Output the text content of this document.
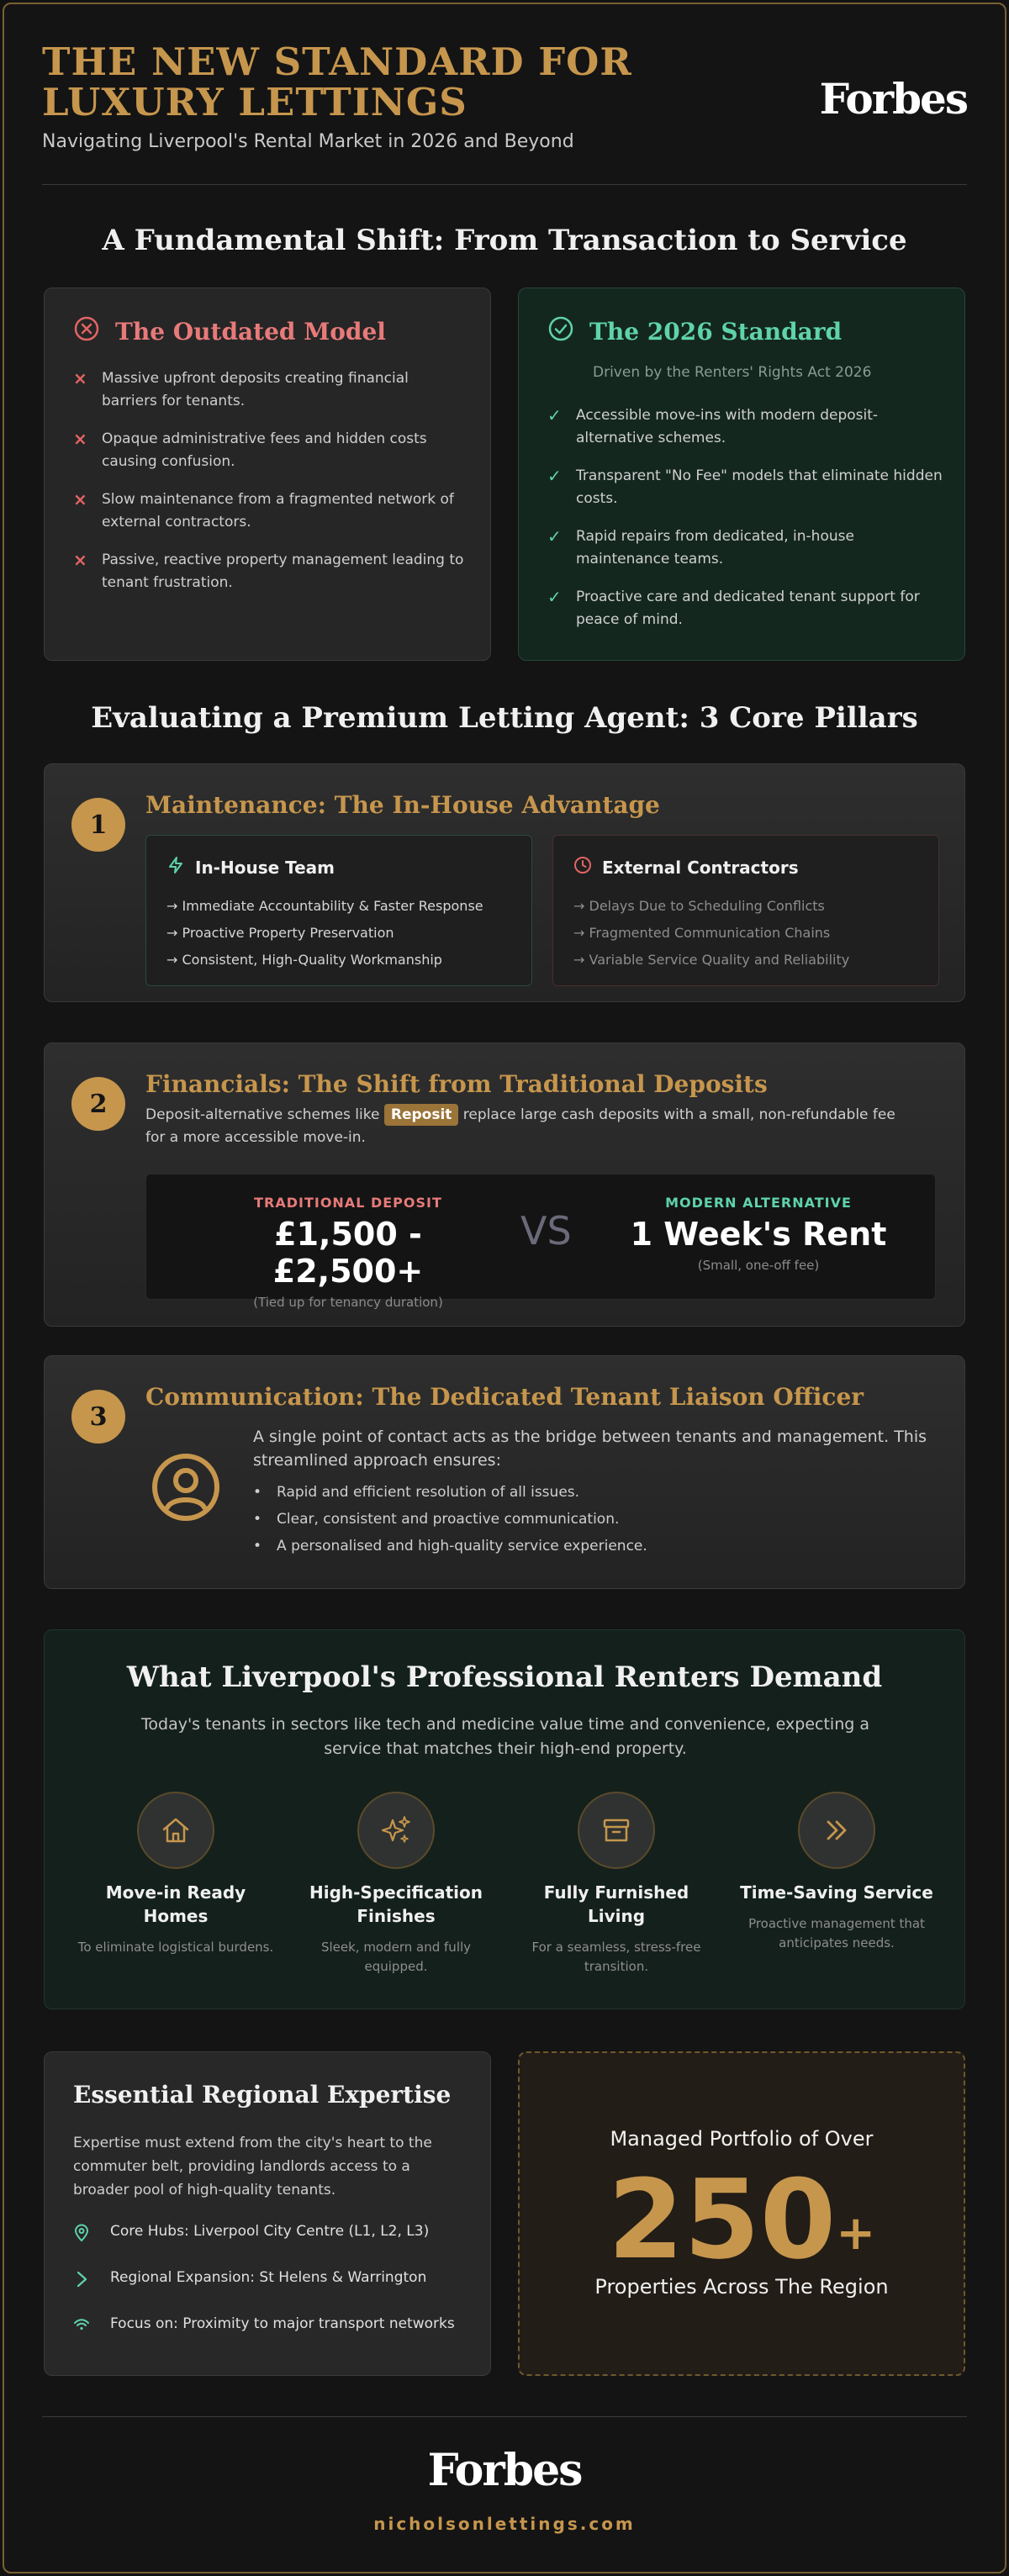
THE NEW STANDARD FOR
LUXURY LETTINGS
Navigating Liverpool's Rental Market in 2026 and Beyond
Forbes
A Fundamental Shift: From Transaction to Service
The Outdated Model
× Massive upfront deposits creating financial barriers for tenants.
× Opaque administrative fees and hidden costs causing confusion.
× Slow maintenance from a fragmented network of external contractors.
× Passive, reactive property management leading to tenant frustration.
The 2026 Standard
Driven by the Renters' Rights Act 2026
✓ Accessible move-ins with modern deposit-alternative schemes.
✓ Transparent "No Fee" models that eliminate hidden costs.
✓ Rapid repairs from dedicated, in-house maintenance teams.
✓ Proactive care and dedicated tenant support for peace of mind.
Evaluating a Premium Letting Agent: 3 Core Pillars
1
Maintenance: The In-House Advantage
In-House Team
→ Immediate Accountability & Faster Response
→ Proactive Property Preservation
→ Consistent, High-Quality Workmanship
External Contractors
→ Delays Due to Scheduling Conflicts
→ Fragmented Communication Chains
→ Variable Service Quality and Reliability
2
Financials: The Shift from Traditional Deposits
Deposit-alternative schemes like Reposit replace large cash deposits with a small, non-refundable fee for a more accessible move-in.
TRADITIONAL DEPOSIT
£1,500 - £2,500+
(Tied up for tenancy duration)
VS
MODERN ALTERNATIVE
1 Week's Rent
(Small, one-off fee)
3
Communication: The Dedicated Tenant Liaison Officer
A single point of contact acts as the bridge between tenants and management. This streamlined approach ensures:
• Rapid and efficient resolution of all issues.
• Clear, consistent and proactive communication.
• A personalised and high-quality service experience.
What Liverpool's Professional Renters Demand
Today's tenants in sectors like tech and medicine value time and convenience, expecting a service that matches their high-end property.
Move-in Ready Homes
To eliminate logistical burdens.
High-Specification Finishes
Sleek, modern and fully equipped.
Fully Furnished Living
For a seamless, stress-free transition.
Time-Saving Service
Proactive management that anticipates needs.
Essential Regional Expertise
Expertise must extend from the city's heart to the commuter belt, providing landlords access to a broader pool of high-quality tenants.
Core Hubs: Liverpool City Centre (L1, L2, L3)
Regional Expansion: St Helens & Warrington
Focus on: Proximity to major transport networks
Managed Portfolio of Over
250+
Properties Across The Region
Forbes
nicholsonlettings.com
